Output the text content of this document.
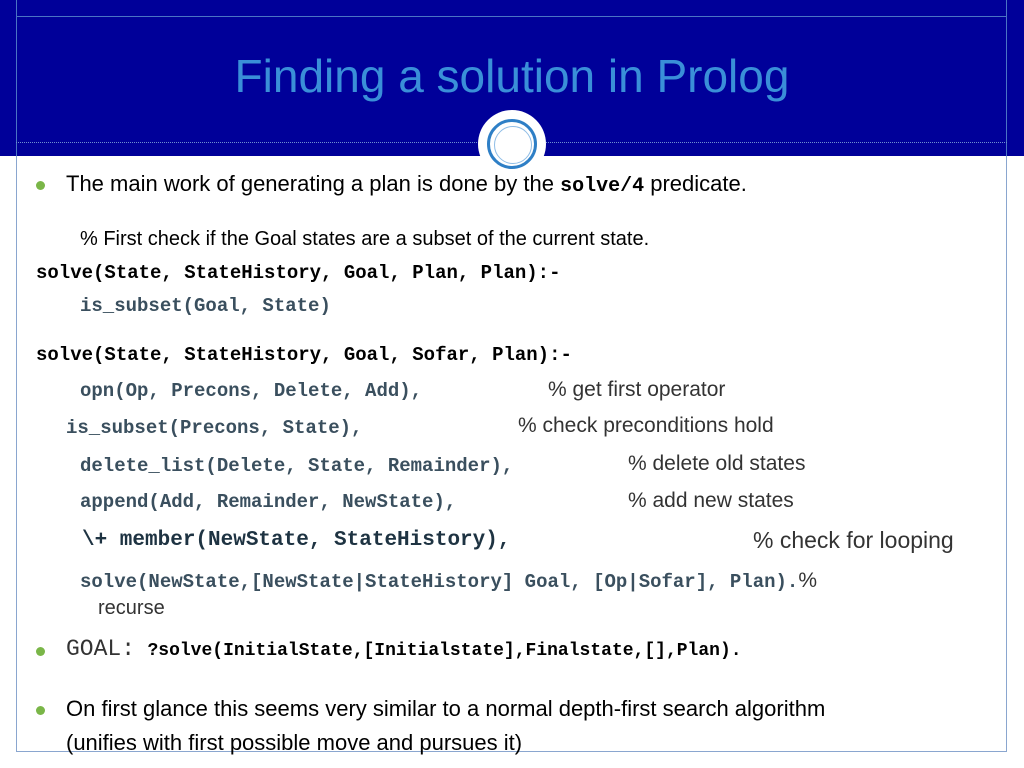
Finding a solution in Prolog
The main work of generating a plan is done by the solve/4 predicate.
% First check if the Goal states are a subset of the current state.
solve(State, StateHistory, Goal, Plan, Plan):-
is_subset(Goal, State)
solve(State, StateHistory, Goal, Sofar, Plan):-
opn(Op, Precons, Delete, Add),	% get first operator
is_subset(Precons, State),	% check preconditions hold
delete_list(Delete, State, Remainder),	% delete old states
append(Add, Remainder, NewState),	% add new states
\+ member(NewState, StateHistory),	% check for looping
solve(NewState,[NewState|StateHistory] Goal, [Op|Sofar], Plan).%
recurse
GOAL: ?solve(InitialState,[Initialstate],Finalstate,[],Plan).
On first glance this seems very similar to a normal depth-first search algorithm
(unifies with first possible move and pursues it)
